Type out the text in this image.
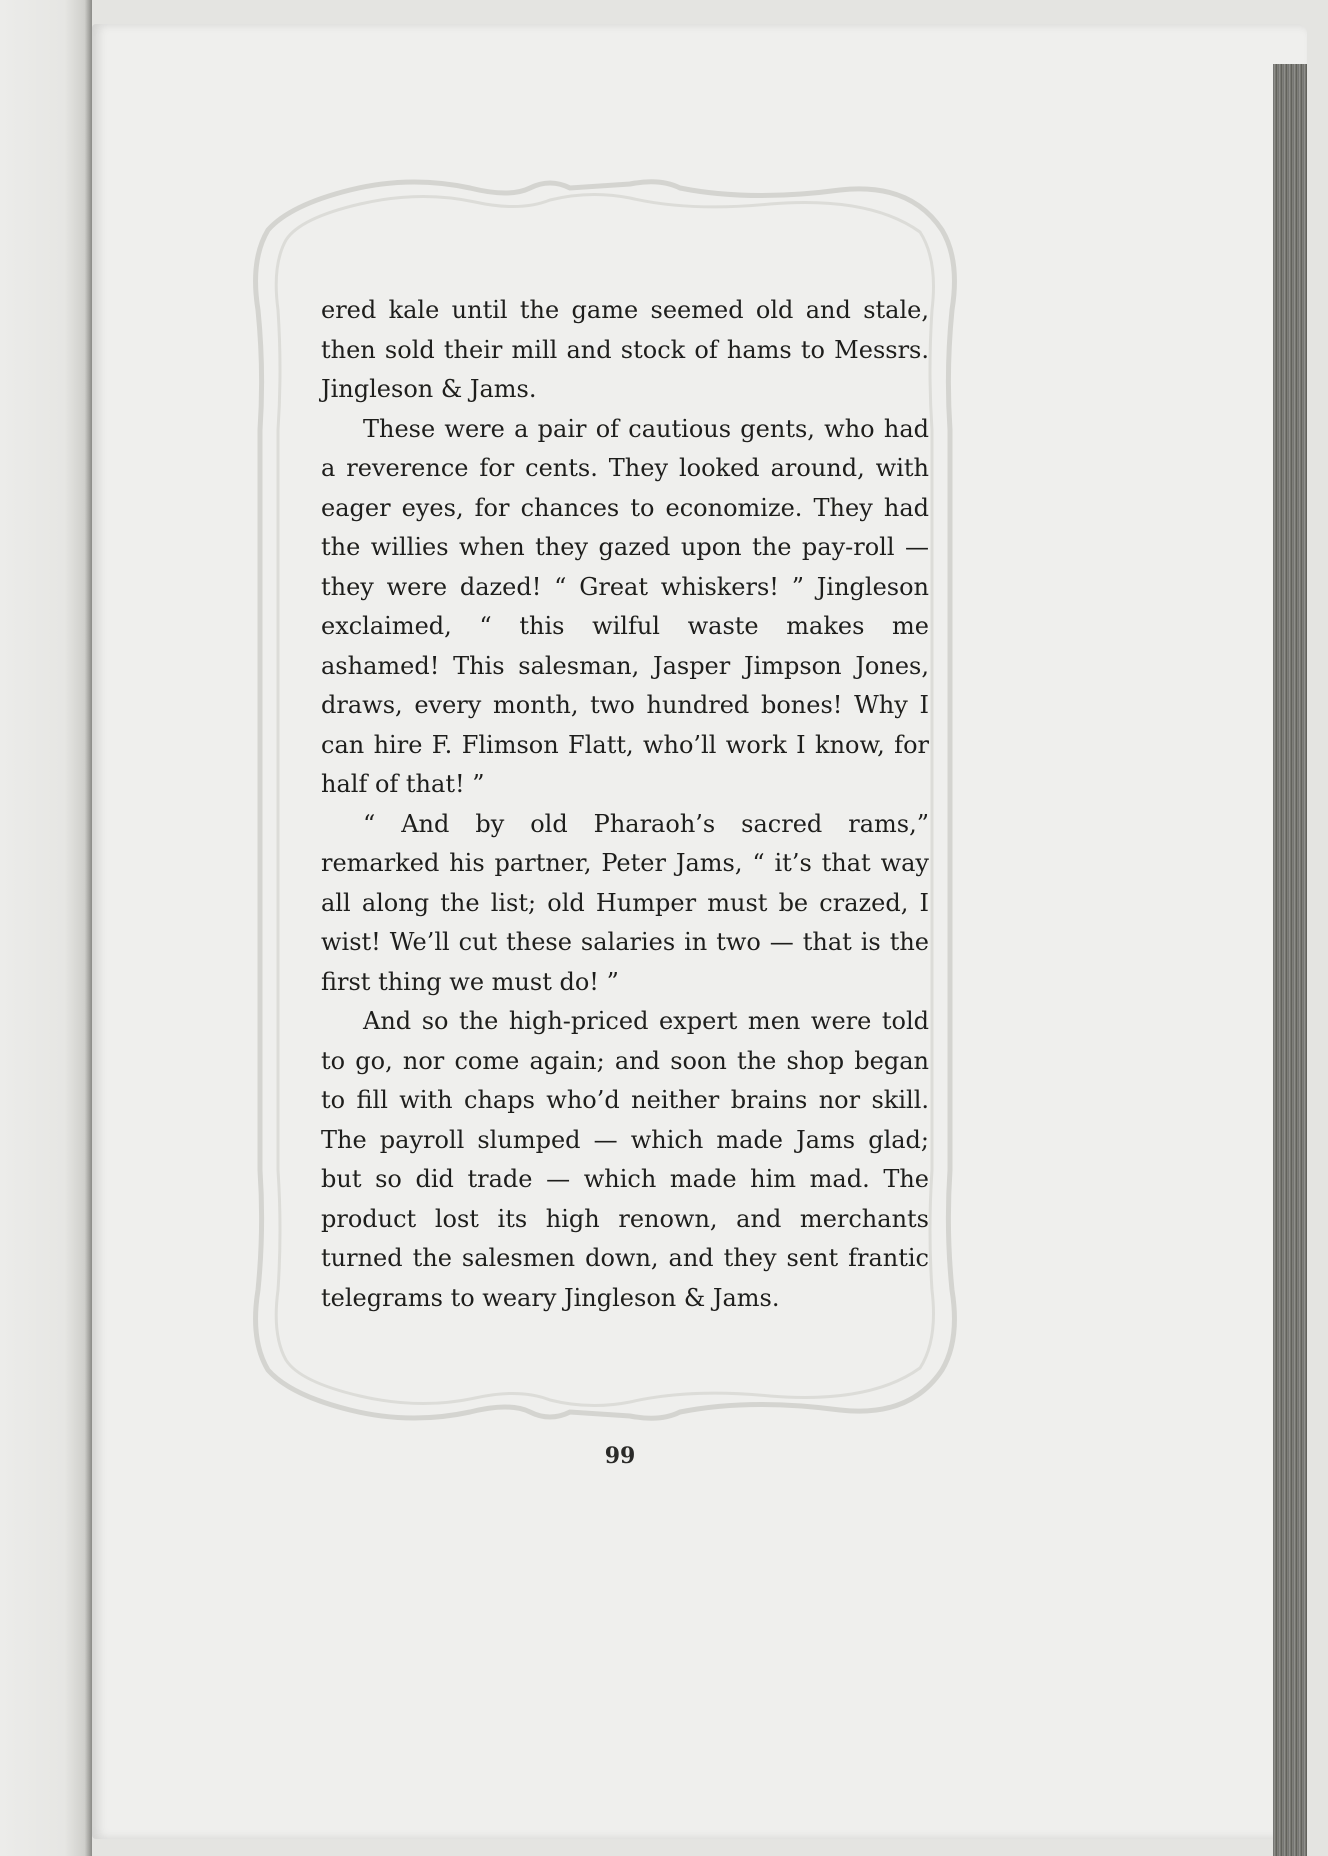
ered kale until the game seemed old and stale, then sold their mill and stock of hams to Messrs. Jingleson & Jams.

These were a pair of cautious gents, who had a reverence for cents. They looked around, with eager eyes, for chances to economize. They had the willies when they gazed upon the pay-roll — they were dazed! “ Great whiskers! ” Jingleson exclaimed, “ this wilful waste makes me ashamed! This salesman, Jasper Jimpson Jones, draws, every month, two hundred bones! Why I can hire F. Flimson Flatt, who’ll work I know, for half of that! ”

“ And by old Pharaoh’s sacred rams,” remarked his partner, Peter Jams, “ it’s that way all along the list; old Humper must be crazed, I wist! We’ll cut these salaries in two — that is the first thing we must do! ”

And so the high-priced expert men were told to go, nor come again; and soon the shop began to fill with chaps who’d neither brains nor skill. The payroll slumped — which made Jams glad; but so did trade — which made him mad. The product lost its high renown, and merchants turned the salesmen down, and they sent frantic telegrams to weary Jingleson & Jams.

99
